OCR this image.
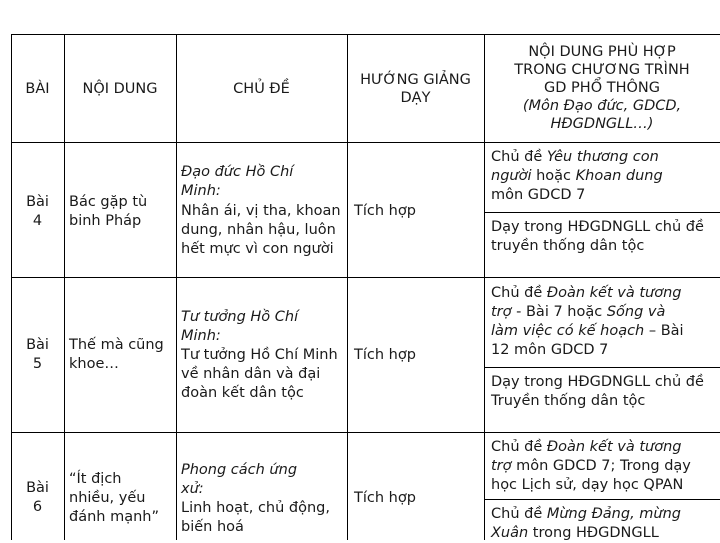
BÀI	NỘI DUNG	CHỦ ĐỀ
HƯỚNG GIẢNG
DẠY
NỘI DUNG PHÙ HỢP
TRONG CHƯƠNG TRÌNH
GD PHỔ THÔNG
(Môn Đạo đức, GDCD,
HĐGDNGLL…)
Bài
4
Bác gặp tù
binh Pháp
Đạo đức Hồ Chí
Minh:
Nhân ái, vị tha, khoan
dung, nhân hậu, luôn
hết mực vì con người
Tích hợp
Chủ đề Yêu thương con
người hoặc Khoan dung
môn GDCD 7
Dạy trong HĐGDNGLL chủ đề
truyền thống dân tộc
Bài
5
Thế mà cũng
khoe…
Tư tưởng Hồ Chí
Minh:
Tư tưởng Hồ Chí Minh
về nhân dân và đại
đoàn kết dân tộc
Tích hợp
Chủ đề Đoàn kết và tương
trợ - Bài 7 hoặc Sống và
làm việc có kế hoạch – Bài
12 môn GDCD 7
Dạy trong HĐGDNGLL chủ đề
Truyền thống dân tộc
Bài
6
“Ít địch
nhiều, yếu
đánh mạnh”
Phong cách ứng
xử:
Linh hoạt, chủ động,
biến hoá
Tích hợp
Chủ đề Đoàn kết và tương
trợ môn GDCD 7; Trong dạy
học Lịch sử, dạy học QPAN
Chủ đề Mừng Đảng, mừng
Xuân trong HĐGDNGLL
